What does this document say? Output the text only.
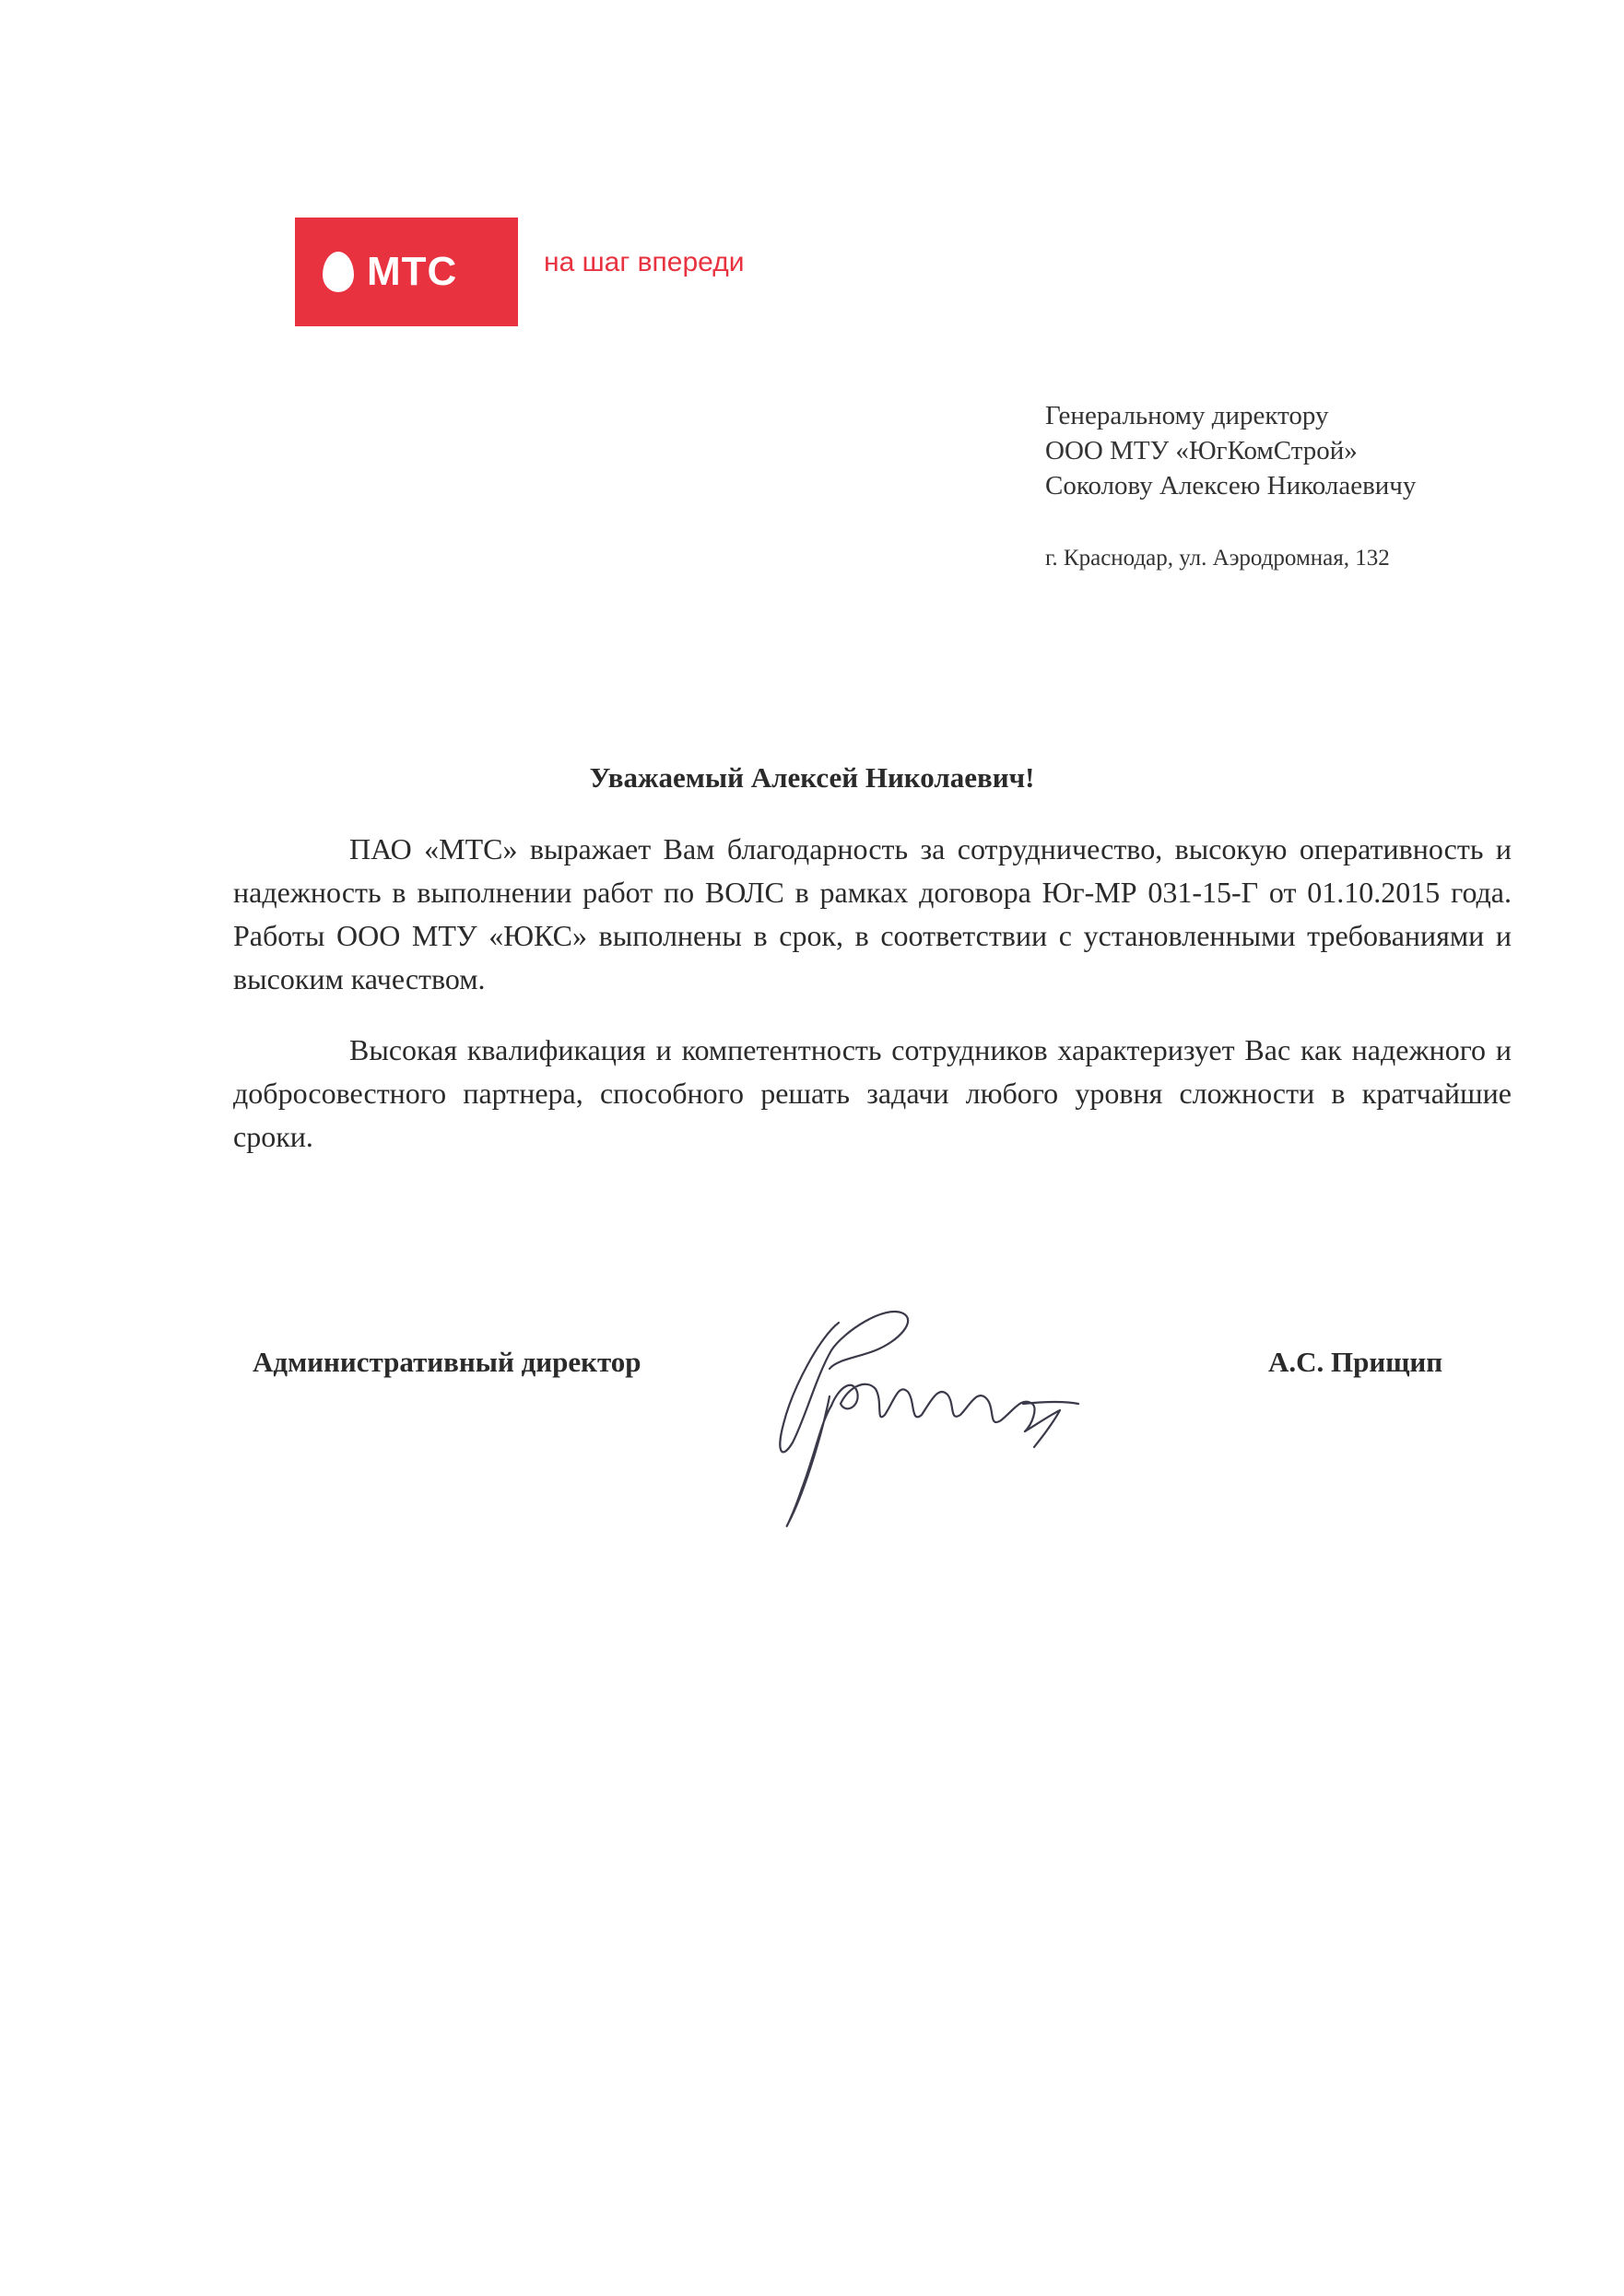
МТС	на шаг впереди
Генеральному директору
ООО МТУ «ЮгКомСтрой»
Соколову Алексею Николаевичу
г. Краснодар, ул. Аэродромная, 132
Уважаемый Алексей Николаевич!
ПАО «МТС» выражает Вам благодарность за сотрудничество, высокую оперативность и надежность в выполнении работ по ВОЛС в рамках договора Юг-МР 031-15-Г от 01.10.2015 года. Работы ООО МТУ «ЮКС» выполнены в срок, в соответствии с установленными требованиями и высоким качеством.
Высокая квалификация и компетентность сотрудников характеризует Вас как надежного и добросовестного партнера, способного решать задачи любого уровня сложности в кратчайшие сроки.
Административный директор	А.С. Прищип
